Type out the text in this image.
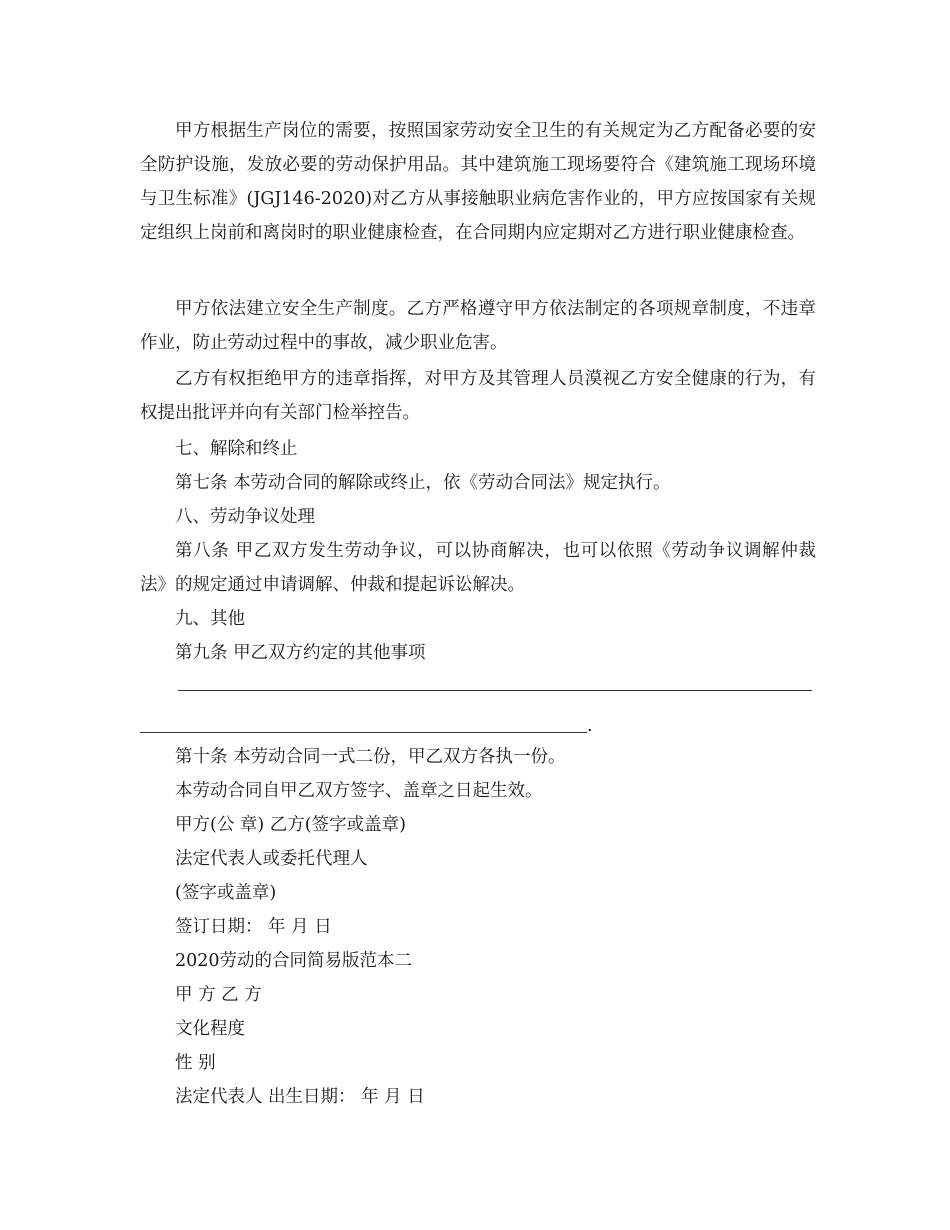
甲方根据生产岗位的需要，按照国家劳动安全卫生的有关规定为乙方配备必要的安全防护设施，发放必要的劳动保护用品。其中建筑施工现场要符合《建筑施工现场环境与卫生标准》(JGJ146-2020)对乙方从事接触职业病危害作业的，甲方应按国家有关规定组织上岗前和离岗时的职业健康检查，在合同期内应定期对乙方进行职业健康检查。

甲方依法建立安全生产制度。乙方严格遵守甲方依法制定的各项规章制度，不违章作业，防止劳动过程中的事故，减少职业危害。

乙方有权拒绝甲方的违章指挥，对甲方及其管理人员漠视乙方安全健康的行为，有权提出批评并向有关部门检举控告。

七、解除和终止

第七条 本劳动合同的解除或终止，依《劳动合同法》规定执行。

八、劳动争议处理

第八条 甲乙双方发生劳动争议，可以协商解决，也可以依照《劳动争议调解仲裁法》的规定通过申请调解、仲裁和提起诉讼解决。

九、其他

第九条 甲乙双方约定的其他事项

.

第十条 本劳动合同一式二份，甲乙双方各执一份。

本劳动合同自甲乙双方签字、盖章之日起生效。

甲方(公 章) 乙方(签字或盖章)

法定代表人或委托代理人

(签字或盖章)

签订日期： 年 月 日

2020劳动的合同简易版范本二

甲 方 乙 方

文化程度

性 别

法定代表人 出生日期： 年 月 日
